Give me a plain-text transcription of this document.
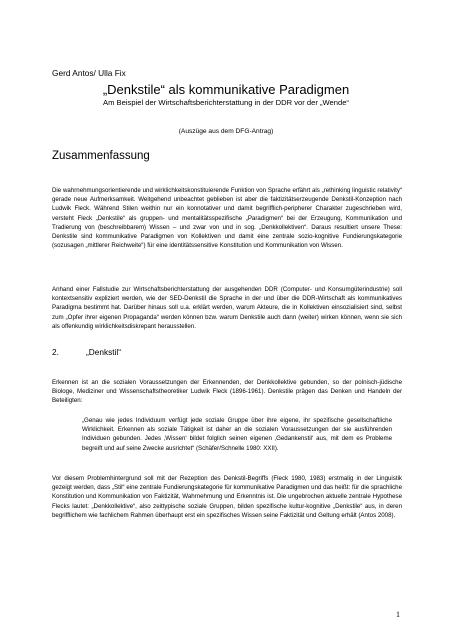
Gerd Antos/ Ulla Fix
„Denkstile“ als kommunikative Paradigmen
Am Beispiel der Wirtschaftsberichterstattung in der DDR vor der „Wende“
(Auszüge aus dem DFG-Antrag)
Zusammenfassung
Die wahrnehmungsorientierende und wirklichkeitskonstituierende Funktion von Sprache erfährt als „rethinking linguistic relativity“ gerade neue Aufmerksamkeit. Weitgehend unbeachtet geblieben ist aber die faktizitätserzeugende Denkstil-Konzeption nach Ludwik Fleck. Während Stilen weithin nur ein konnotativer und damit begrifflich-peripherer Charakter zugeschrieben wird, versteht Fleck „Denkstile“ als gruppen- und mentalitätsspezifische „Paradigmen“ bei der Erzeugung, Kommunikation und Tradierung von (beschreibbarem) Wissen – und zwar von und in sog. „Denkkollektiven“. Daraus resultiert unsere These: Denkstile sind kommunikative Paradigmen von Kollektiven und damit eine zentrale sozio-kognitive Fundierungskategorie (sozusagen „mittlerer Reichweite“) für eine identitätssensitive Konstitution und Kommunikation von Wissen.
Anhand einer Fallstudie zur Wirtschaftsberichterstattung der ausgehenden DDR (Computer- und Konsumgüterindustrie) soll kontextsensitiv expliziert werden, wie der SED-Denkstil die Sprache in der und über die DDR-Wirtschaft als kommunikatives Paradigma bestimmt hat. Darüber hinaus soll u.a. erklärt werden, warum Akteure, die in Kollektiven einsozialisiert sind, selbst zum „Opfer ihrer eigenen Propaganda“ werden können bzw. warum Denkstile auch dann (weiter) wirken können, wenn sie sich als offenkundig wirklichkeitsdiskrepant herausstellen.
2.	„Denkstil“
Erkennen ist an die sozialen Voraussetzungen der Erkennenden, der Denkkollektive gebunden, so der polnisch-jüdische Biologe, Mediziner und Wissenschaftstheoretiker Ludwik Fleck (1896-1961). Denkstile prägen das Denken und Handeln der Beteiligten:
„Genau wie jedes Individuum verfügt jede soziale Gruppe über ihre eigene, ihr spezifische gesellschaftliche Wirklichkeit. Erkennen als soziale Tätigkeit ist daher an die sozialen Voraussetzungen der sie ausführenden Individuen gebunden. Jedes ‚Wissen‘ bildet folglich seinen eigenen ‚Gedankenstil‘ aus, mit dem es Probleme begreift und auf seine Zwecke ausrichtet“ (Schäfer/Schnelle 1980: XXII).
Vor diesem Problemhintergrund soll mit der Rezeption des Denkstil-Begriffs (Fleck 1980, 1983) erstmalig in der Linguistik gezeigt werden, dass „Stil“ eine zentrale Fundierungskategorie für kommunikative Paradigmen und das heißt: für die sprachliche Konstitution und Kommunikation von Faktizität, Wahrnehmung und Erkenntnis ist. Die ungebrochen aktuelle zentrale Hypothese Flecks lautet: „Denkkollektive“, also zeittypische soziale Gruppen, bilden spezifische kultur-kognitive „Denkstile“ aus, in deren begrifflichem wie fachlichem Rahmen überhaupt erst ein spezifisches Wissen seine Faktizität und Geltung erhält (Antos 2008).
1
